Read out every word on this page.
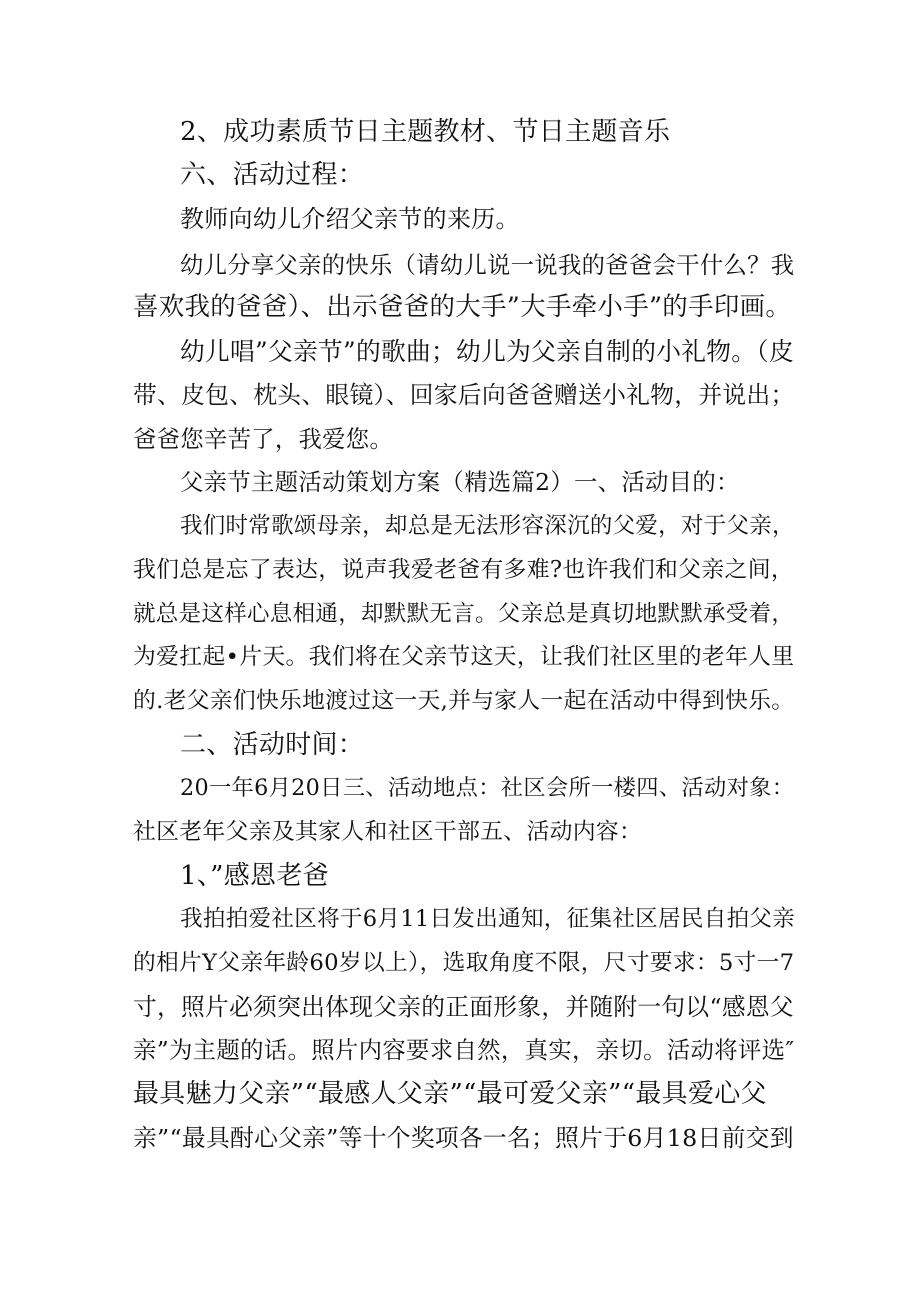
2、成功素质节日主题教材、节日主题音乐
六、活动过程：
教师向幼儿介绍父亲节的来历。
幼儿分享父亲的快乐（请幼儿说一说我的爸爸会干什么？我
喜欢我的爸爸）、出示爸爸的大手”大手牵小手”的手印画。
幼儿唱”父亲节”的歌曲；幼儿为父亲自制的小礼物。（皮
带、皮包、枕头、眼镜）、回家后向爸爸赠送小礼物，并说出；
爸爸您辛苦了，我爱您。
父亲节主题活动策划方案（精选篇2）一、活动目的：
我们时常歌颂母亲，却总是无法形容深沉的父爱，对于父亲，
我们总是忘了表达，说声我爱老爸有多难?也许我们和父亲之间，
就总是这样心息相通，却默默无言。父亲总是真切地默默承受着，
为爱扛起•片天。我们将在父亲节这天，让我们社区里的老年人里
的.老父亲们快乐地渡过这一天,并与家人一起在活动中得到快乐。
二、活动时间：
20一年6月20日三、活动地点：社区会所一楼四、活动对象：
社区老年父亲及其家人和社区干部五、活动内容：
1、”感恩老爸
我拍拍爱社区将于6月11日发出通知，征集社区居民自拍父亲
的相片Y父亲年龄60岁以上），选取角度不限，尺寸要求：5寸一7
寸，照片必须突出体现父亲的正面形象，并随附一句以“感恩父
亲”为主题的话。照片内容要求自然，真实，亲切。活动将评选″
最具魅力父亲”“最感人父亲”“最可爱父亲”“最具爱心父
亲”“最具酎心父亲”等十个奖项各一名；照片于6月18日前交到
